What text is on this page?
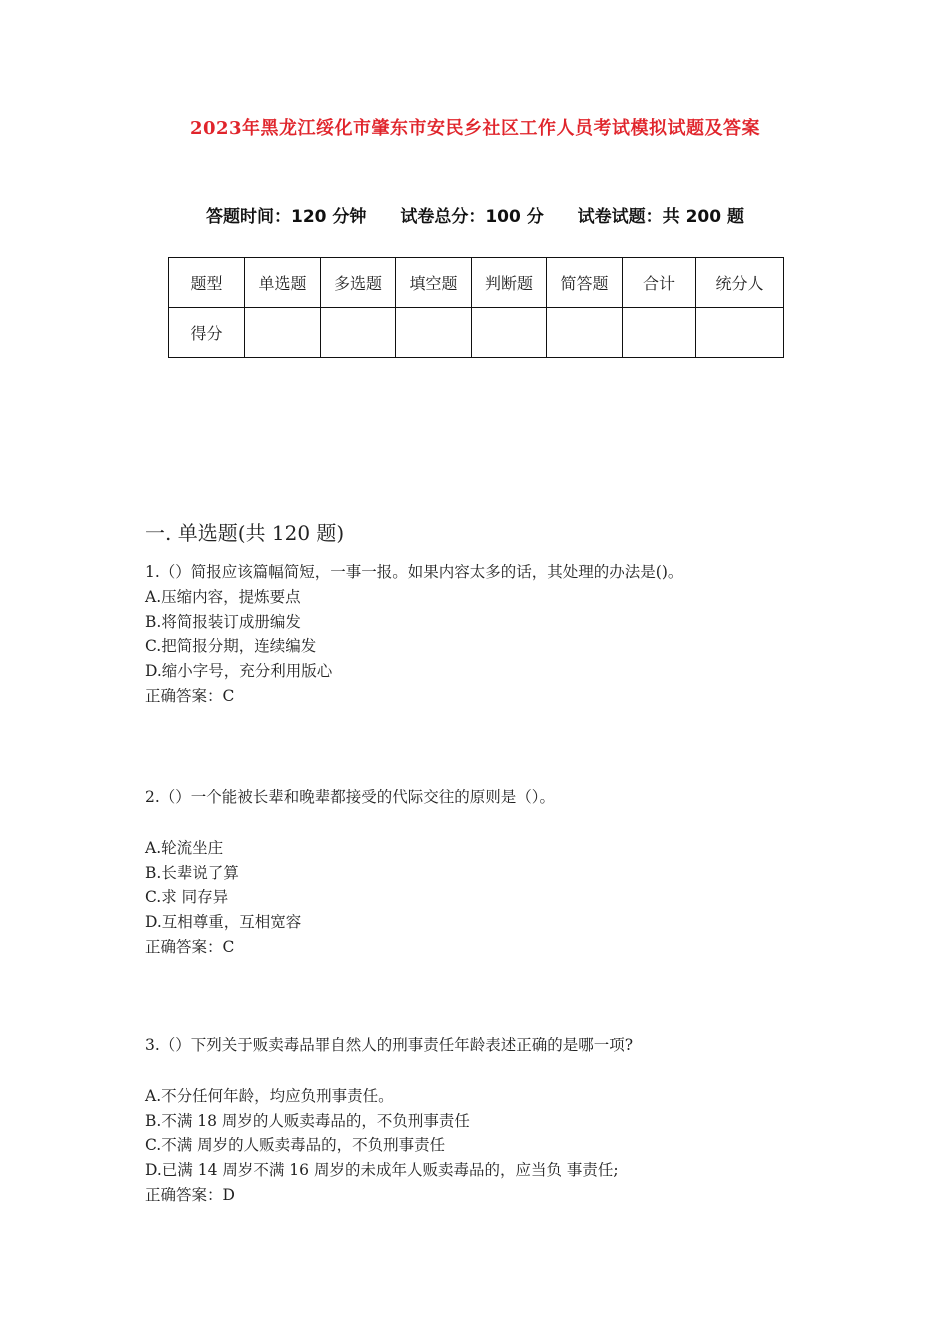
2023年黑龙江绥化市肇东市安民乡社区工作人员考试模拟试题及答案
答题时间：120 分钟 试卷总分：100 分 试卷试题：共 200 题
题型	单选题	多选题	填空题	判断题	简答题	合计	统分人
得分							
一. 单选题(共 120 题)
1.（）简报应该篇幅简短，一事一报。如果内容太多的话，其处理的办法是()。
A.压缩内容，提炼要点
B.将简报装订成册编发
C.把简报分期，连续编发
D.缩小字号，充分利用版心
正确答案：C
2.（）一个能被长辈和晚辈都接受的代际交往的原则是（）。
A.轮流坐庄
B.长辈说了算
C.求 同存异
D.互相尊重，互相宽容
正确答案：C
3.（）下列关于贩卖毒品罪自然人的刑事责任年龄表述正确的是哪一项?
A.不分任何年龄，均应负刑事责任。
B.不满 18 周岁的人贩卖毒品的，不负刑事责任
C.不满 周岁的人贩卖毒品的，不负刑事责任
D.已满 14 周岁不满 16 周岁的未成年人贩卖毒品的，应当负 事责任;
正确答案：D
